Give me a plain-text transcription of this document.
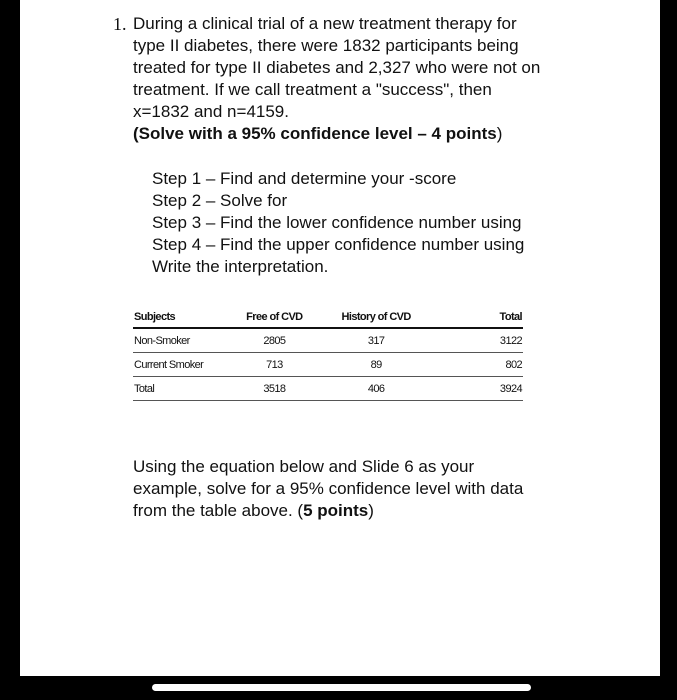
1. During a clinical trial of a new treatment therapy for
type II diabetes, there were 1832 participants being
treated for type II diabetes and 2,327 who were not on
treatment. If we call treatment a "success", then
x=1832 and n=4159.
(Solve with a 95% confidence level – 4 points)
Step 1 – Find and determine your -score
Step 2 – Solve for
Step 3 – Find the lower confidence number using
Step 4 – Find the upper confidence number using
Write the interpretation.
Subjects	Free of CVD	History of CVD	Total
Non-Smoker	2805	317	3122
Current Smoker	713	89	802
Total	3518	406	3924
Using the equation below and Slide 6 as your
example, solve for a 95% confidence level with data
from the table above. (5 points)
